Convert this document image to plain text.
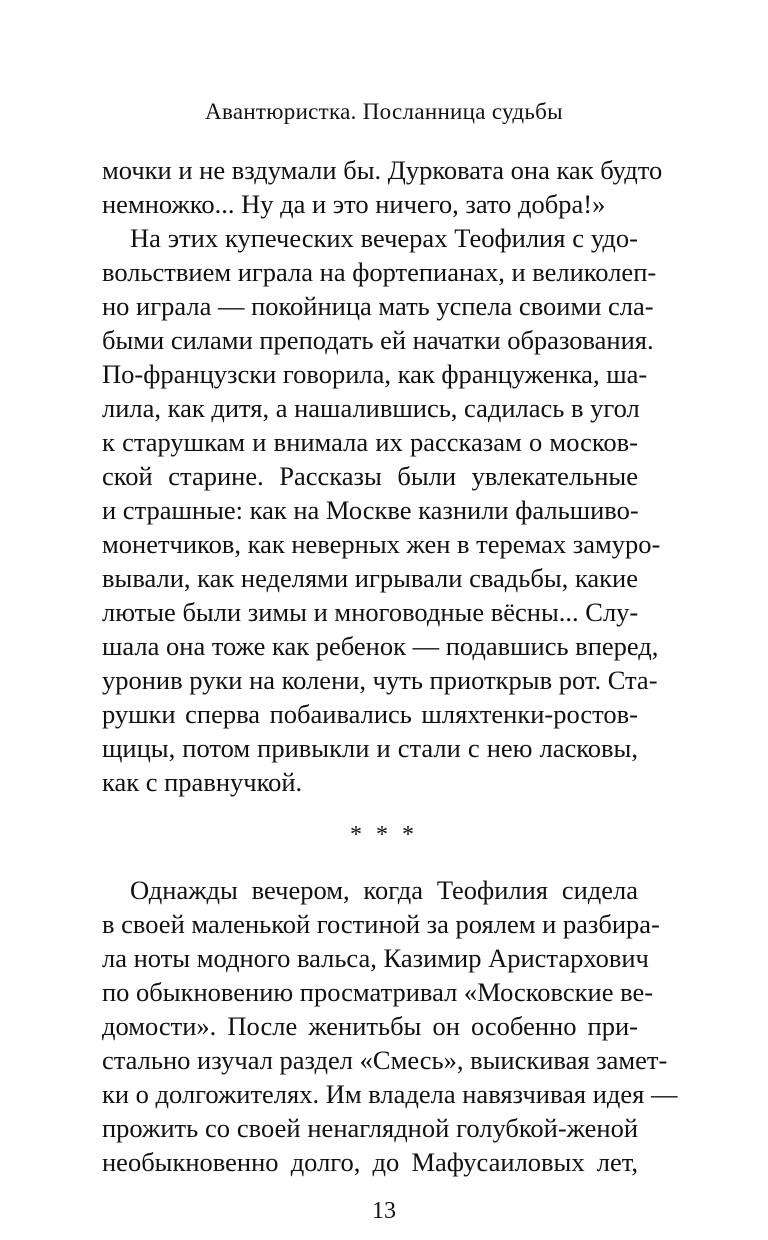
Авантюристка. Посланница судьбы
мочки и не вздумали бы. Дурковата она как будто
немножко... Ну да и это ничего, зато добра!»
На этих купеческих вечерах Теофилия с удо-
вольствием играла на фортепианах, и великолеп-
но играла — покойница мать успела своими сла-
быми силами преподать ей начатки образования.
По-французски говорила, как француженка, ша-
лила, как дитя, а нашалившись, садилась в угол
к старушкам и внимала их рассказам о москов-
ской старине. Рассказы были увлекательные
и страшные: как на Москве казнили фальшиво-
монетчиков, как неверных жен в теремах замуро-
вывали, как неделями игрывали свадьбы, какие
лютые были зимы и многоводные вёсны... Слу-
шала она тоже как ребенок — подавшись вперед,
уронив руки на колени, чуть приоткрыв рот. Ста-
рушки сперва побаивались шляхтенки-ростов-
щицы, потом привыкли и стали с нею ласковы,
как с правнучкой.
* * *
Однажды вечером, когда Теофилия сидела
в своей маленькой гостиной за роялем и разбира-
ла ноты модного вальса, Казимир Аристархович
по обыкновению просматривал «Московские ве-
домости». После женитьбы он особенно при-
стально изучал раздел «Смесь», выискивая замет-
ки о долгожителях. Им владела навязчивая идея —
прожить со своей ненаглядной голубкой-женой
необыкновенно долго, до Мафусаиловых лет,
13
